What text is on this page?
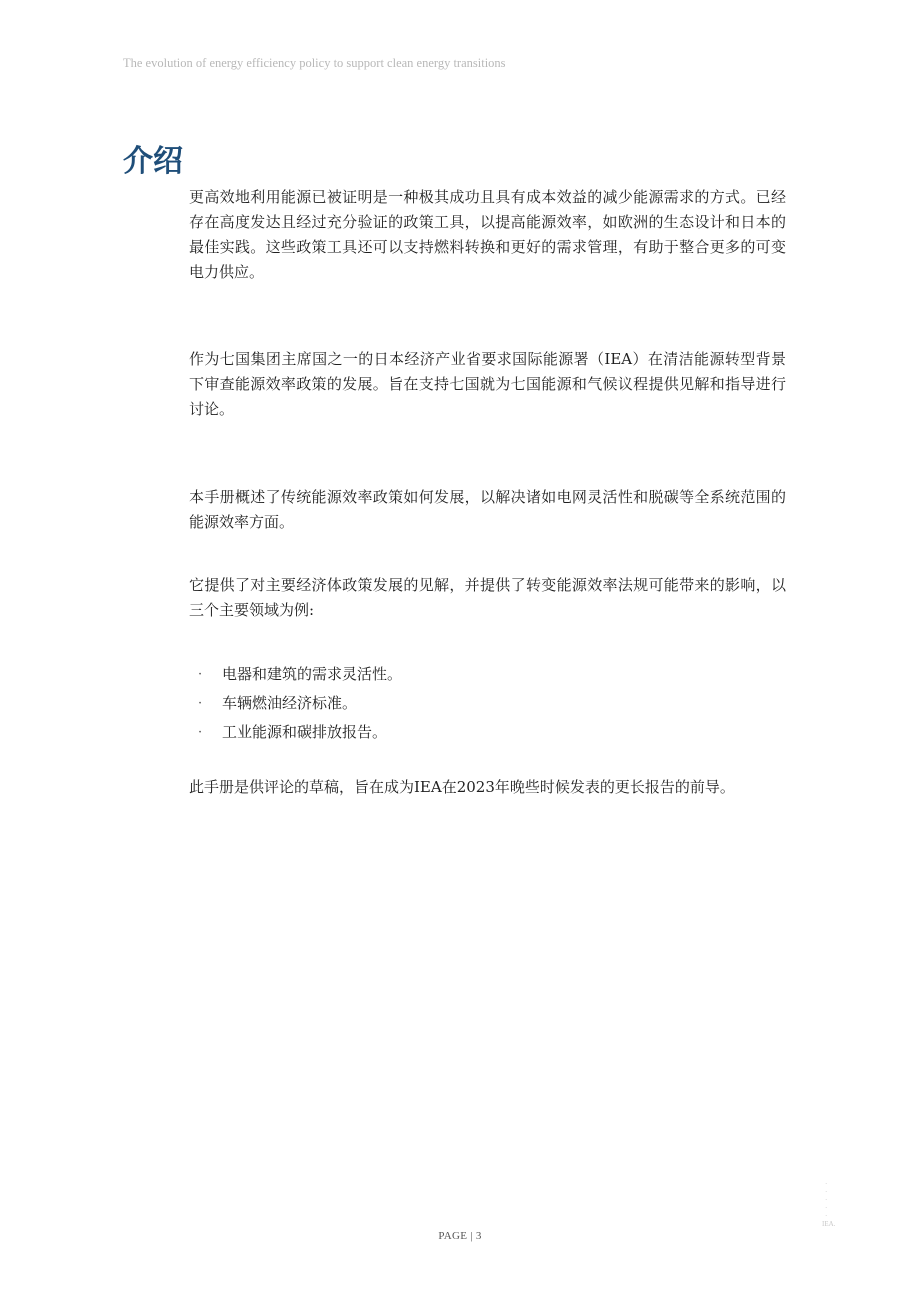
The evolution of energy efficiency policy to support clean energy transitions
介绍

更高效地利用能源已被证明是一种极其成功且具有成本效益的减少能源需求的方式。已经存在高度发达且经过充分验证的政策工具，以提高能源效率，如欧洲的生态设计和日本的最佳实践。这些政策工具还可以支持燃料转换和更好的需求管理，有助于整合更多的可变电力供应。

作为七国集团主席国之一的日本经济产业省要求国际能源署（IEA）在清洁能源转型背景下审查能源效率政策的发展。旨在支持七国就为七国能源和气候议程提供见解和指导进行讨论。

本手册概述了传统能源效率政策如何发展，以解决诸如电网灵活性和脱碳等全系统范围的能源效率方面。

它提供了对主要经济体政策发展的见解，并提供了转变能源效率法规可能带来的影响，以三个主要领域为例:

· 电器和建筑的需求灵活性。
· 车辆燃油经济标准。
· 工业能源和碳排放报告。

此手册是供评论的草稿，旨在成为IEA在2023年晚些时候发表的更长报告的前导。

·
·
·
·
·
IEA.
PAGE | 3
